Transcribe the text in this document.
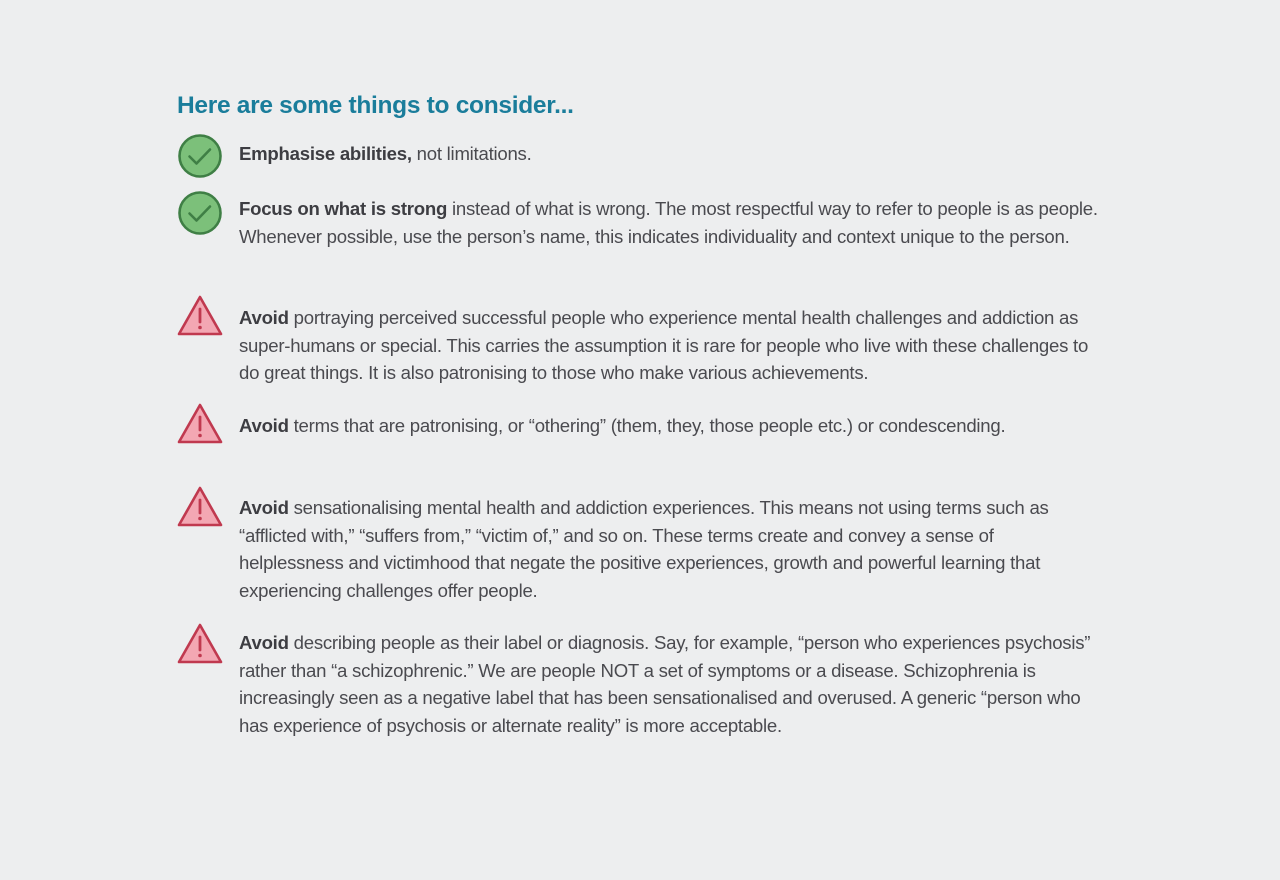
Here are some things to consider...
Emphasise abilities, not limitations.
Focus on what is strong instead of what is wrong. The most respectful way to refer to people is as people. Whenever possible, use the person’s name, this indicates individuality and context unique to the person.
Avoid portraying perceived successful people who experience mental health challenges and addiction as super-humans or special. This carries the assumption it is rare for people who live with these challenges to do great things. It is also patronising to those who make various achievements.
Avoid terms that are patronising, or “othering” (them, they, those people etc.) or condescending.
Avoid sensationalising mental health and addiction experiences. This means not using terms such as “afflicted with,” “suffers from,” “victim of,” and so on. These terms create and convey a sense of helplessness and victimhood that negate the positive experiences, growth and powerful learning that experiencing challenges offer people.
Avoid describing people as their label or diagnosis. Say, for example, “person who experiences psychosis” rather than “a schizophrenic.” We are people NOT a set of symptoms or a disease. Schizophrenia is increasingly seen as a negative label that has been sensationalised and overused. A generic “person who has experience of psychosis or alternate reality” is more acceptable.
